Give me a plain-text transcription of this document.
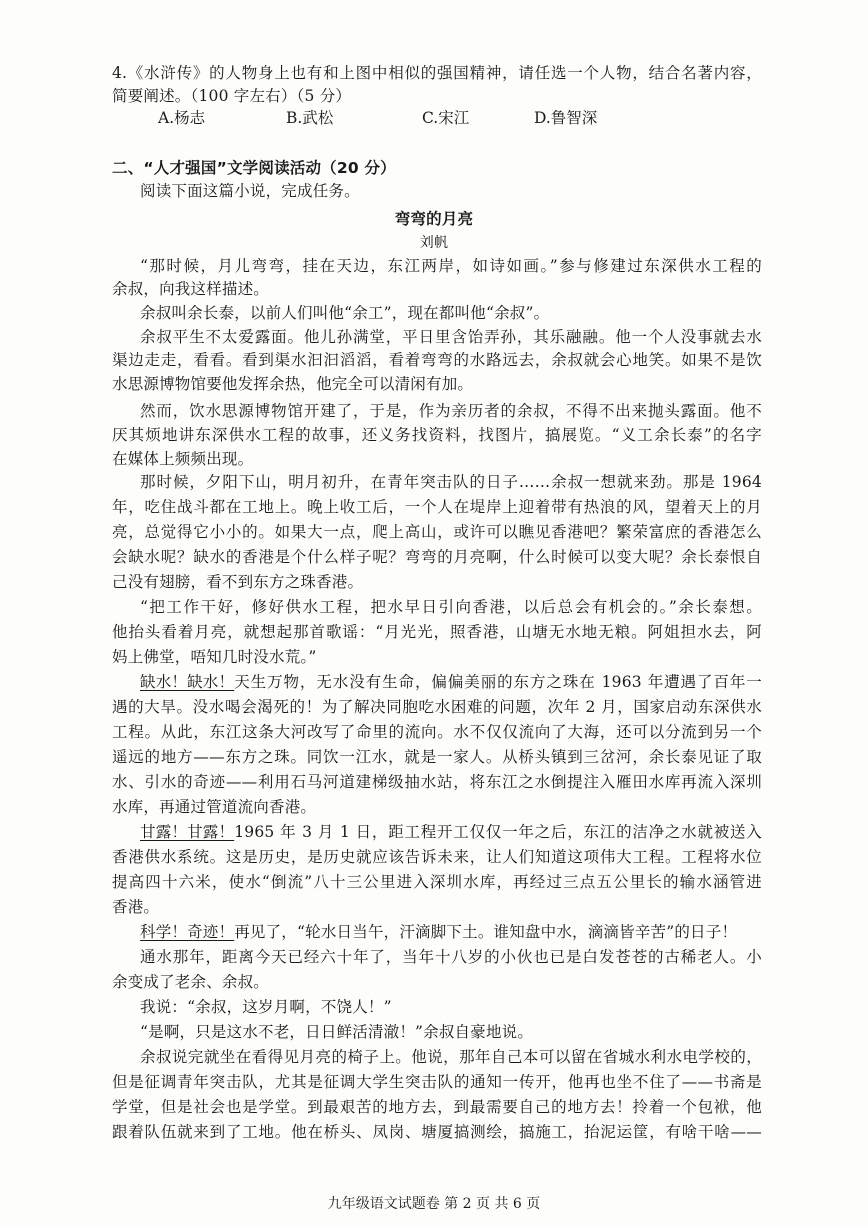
4.《水浒传》的人物身上也有和上图中相似的强国精神，请任选一个人物，结合名著内容，
简要阐述。（100 字左右）（5 分）
A.杨志	B.武松	C.宋江	D.鲁智深
二、“人才强国”文学阅读活动（20 分）
阅读下面这篇小说，完成任务。
弯弯的月亮
刘帆
“那时候，月儿弯弯，挂在天边，东江两岸，如诗如画。”参与修建过东深供水工程的
余叔，向我这样描述。
余叔叫余长泰，以前人们叫他“余工”，现在都叫他“余叔”。
余叔平生不太爱露面。他儿孙满堂，平日里含饴弄孙，其乐融融。他一个人没事就去水
渠边走走，看看。看到渠水汩汩滔滔，看着弯弯的水路远去，余叔就会心地笑。如果不是饮
水思源博物馆要他发挥余热，他完全可以清闲有加。
然而，饮水思源博物馆开建了，于是，作为亲历者的余叔，不得不出来抛头露面。他不
厌其烦地讲东深供水工程的故事，还义务找资料，找图片，搞展览。“义工余长泰”的名字
在媒体上频频出现。
那时候，夕阳下山，明月初升，在青年突击队的日子……余叔一想就来劲。那是 1964
年，吃住战斗都在工地上。晚上收工后，一个人在堤岸上迎着带有热浪的风，望着天上的月
亮，总觉得它小小的。如果大一点，爬上高山，或许可以瞧见香港吧？繁荣富庶的香港怎么
会缺水呢？缺水的香港是个什么样子呢？弯弯的月亮啊，什么时候可以变大呢？余长泰恨自
己没有翅膀，看不到东方之珠香港。
“把工作干好，修好供水工程，把水早日引向香港，以后总会有机会的。”余长泰想。
他抬头看着月亮，就想起那首歌谣：“月光光，照香港，山塘无水地无粮。阿姐担水去，阿
妈上佛堂，唔知几时没水荒。”
缺水！缺水！ 天生万物，无水没有生命，偏偏美丽的东方之珠在 1963 年遭遇了百年一
遇的大旱。没水喝会渴死的！为了解决同胞吃水困难的问题，次年 2 月，国家启动东深供水
工程。从此，东江这条大河改写了命里的流向。水不仅仅流向了大海，还可以分流到另一个
遥远的地方——东方之珠。同饮一江水，就是一家人。从桥头镇到三岔河，余长泰见证了取
水、引水的奇迹——利用石马河道建梯级抽水站，将东江之水倒提注入雁田水库再流入深圳
水库，再通过管道流向香港。
甘露！甘露！ 1965 年 3 月 1 日，距工程开工仅仅一年之后，东江的洁净之水就被送入
香港供水系统。这是历史，是历史就应该告诉未来，让人们知道这项伟大工程。工程将水位
提高四十六米，使水“倒流”八十三公里进入深圳水库，再经过三点五公里长的输水涵管进
香港。
科学！奇迹！ 再见了，“轮水日当午，汗滴脚下土。谁知盘中水，滴滴皆辛苦”的日子！
通水那年，距离今天已经六十年了，当年十八岁的小伙也已是白发苍苍的古稀老人。小
余变成了老余、余叔。
我说：“余叔，这岁月啊，不饶人！”
“是啊，只是这水不老，日日鲜活清澈！”余叔自豪地说。
余叔说完就坐在看得见月亮的椅子上。他说，那年自己本可以留在省城水利水电学校的，
但是征调青年突击队，尤其是征调大学生突击队的通知一传开，他再也坐不住了——书斋是
学堂，但是社会也是学堂。到最艰苦的地方去，到最需要自己的地方去！拎着一个包袱，他
跟着队伍就来到了工地。他在桥头、凤岗、塘厦搞测绘，搞施工，抬泥运筐，有啥干啥——
九年级语文试题卷 第 2 页 共 6 页
